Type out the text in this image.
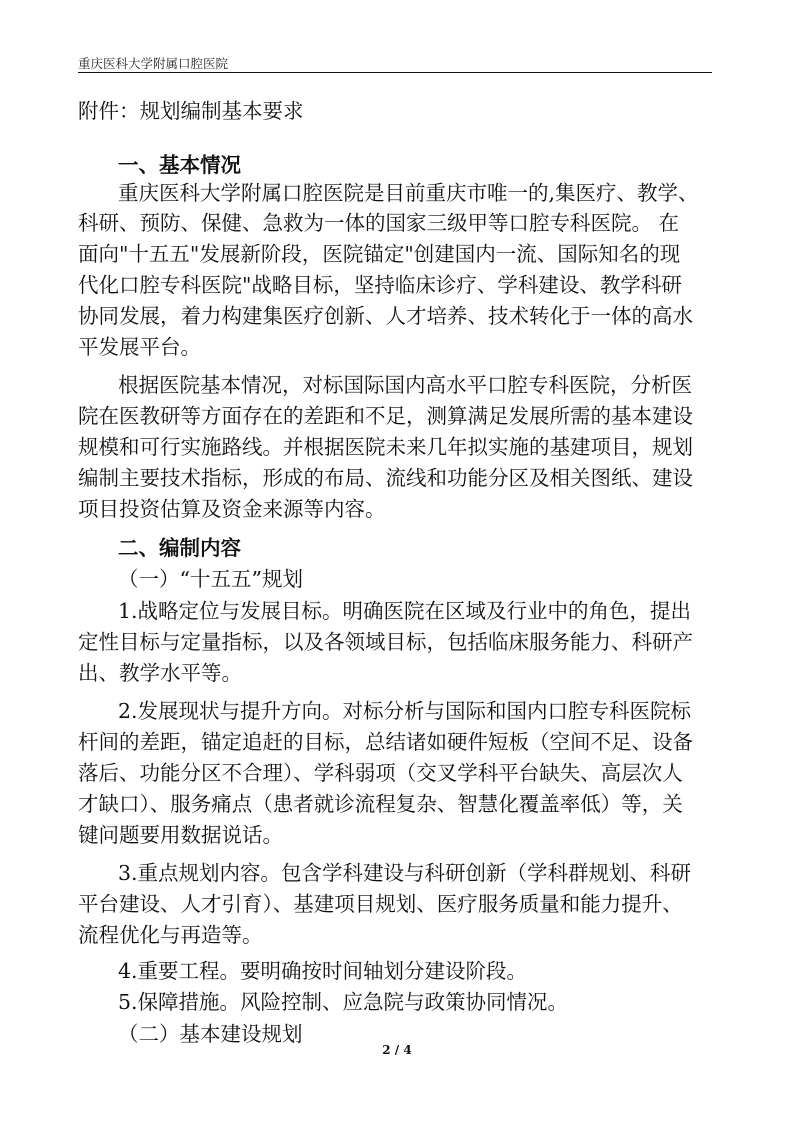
重庆医科大学附属口腔医院
附件：规划编制基本要求
一、基本情况
重庆医科大学附属口腔医院是目前重庆市唯一的,集医疗、教学、
科研、预防、保健、急救为一体的国家三级甲等口腔专科医院。 在
面向"十五五"发展新阶段，医院锚定"创建国内一流、国际知名的现
代化口腔专科医院"战略目标，坚持临床诊疗、学科建设、教学科研
协同发展，着力构建集医疗创新、人才培养、技术转化于一体的高水
平发展平台。
根据医院基本情况，对标国际国内高水平口腔专科医院，分析医
院在医教研等方面存在的差距和不足，测算满足发展所需的基本建设
规模和可行实施路线。并根据医院未来几年拟实施的基建项目，规划
编制主要技术指标，形成的布局、流线和功能分区及相关图纸、建设
项目投资估算及资金来源等内容。
二、编制内容
（一）“十五五”规划
1.战略定位与发展目标。明确医院在区域及行业中的角色，提出
定性目标与定量指标，以及各领域目标，包括临床服务能力、科研产
出、教学水平等。
2.发展现状与提升方向。对标分析与国际和国内口腔专科医院标
杆间的差距，锚定追赶的目标，总结诸如硬件短板（空间不足、设备
落后、功能分区不合理）、学科弱项（交叉学科平台缺失、高层次人
才缺口）、服务痛点（患者就诊流程复杂、智慧化覆盖率低）等，关
键问题要用数据说话。
3.重点规划内容。包含学科建设与科研创新（学科群规划、科研
平台建设、人才引育）、基建项目规划、医疗服务质量和能力提升、
流程优化与再造等。
4.重要工程。要明确按时间轴划分建设阶段。
5.保障措施。风险控制、应急院与政策协同情况。
（二）基本建设规划
2 / 4
